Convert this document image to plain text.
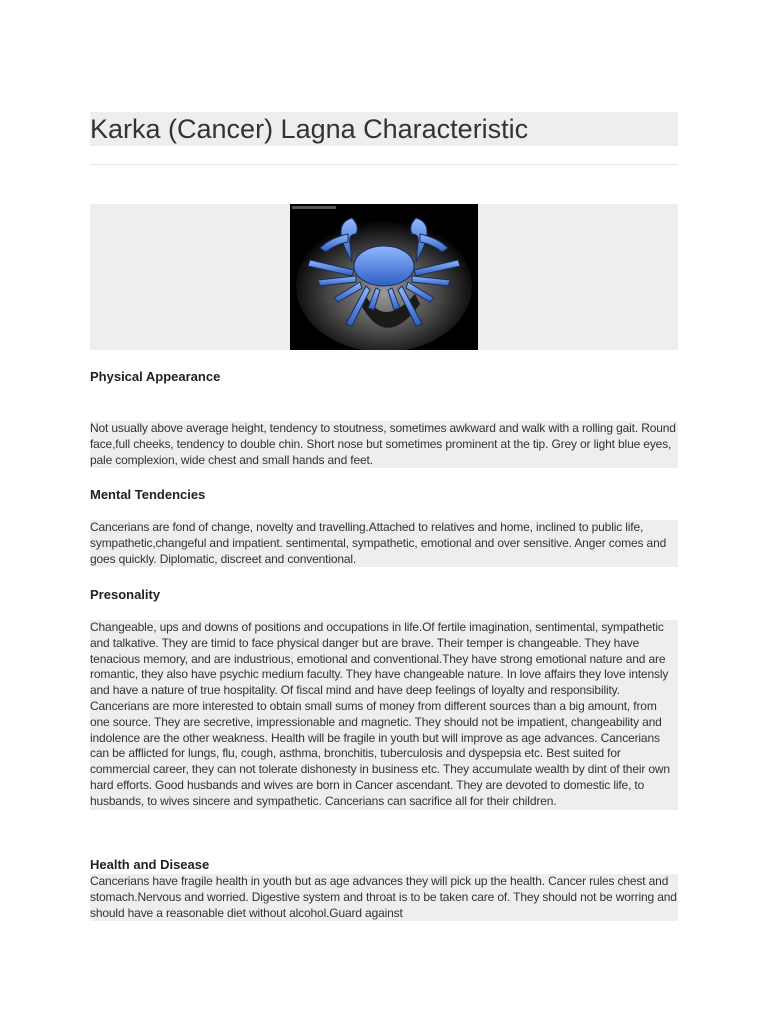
Karka (Cancer) Lagna Characteristic
Physical Appearance

Not usually above average height, tendency to stoutness, sometimes awkward and walk with a rolling gait. Round face,full cheeks, tendency to double chin. Short nose but sometimes prominent at the tip. Grey or light blue eyes, pale complexion, wide chest and small hands and feet.

Mental Tendencies

Cancerians are fond of change, novelty and travelling.Attached to relatives and home, inclined to public life, sympathetic,changeful and impatient. sentimental, sympathetic, emotional and over sensitive. Anger comes and goes quickly. Diplomatic, discreet and conventional.

Presonality

Changeable, ups and downs of positions and occupations in life.Of fertile imagination, sentimental, sympathetic and talkative. They are timid to face physical danger but are brave. Their temper is changeable. They have tenacious memory, and are industrious, emotional and conventional.They have strong emotional nature and are romantic, they also have psychic medium faculty. They have changeable nature. In love affairs they love intensly and have a nature of true hospitality. Of fiscal mind and have deep feelings of loyalty and responsibility. Cancerians are more interested to obtain small sums of money from different sources than a big amount, from one source. They are secretive, impressionable and magnetic. They should not be impatient, changeability and indolence are the other weakness. Health will be fragile in youth but will improve as age advances. Cancerians can be afflicted for lungs, flu, cough, asthma, bronchitis, tuberculosis and dyspepsia etc. Best suited for commercial career, they can not tolerate dishonesty in business etc. They accumulate wealth by dint of their own hard efforts. Good husbands and wives are born in Cancer ascendant. They are devoted to domestic life, to husbands, to wives sincere and sympathetic. Cancerians can sacrifice all for their children.

Health and Disease

Cancerians have fragile health in youth but as age advances they will pick up the health. Cancer rules chest and stomach.Nervous and worried. Digestive system and throat is to be taken care of. They should not be worring and should have a reasonable diet without alcohol.Guard against
